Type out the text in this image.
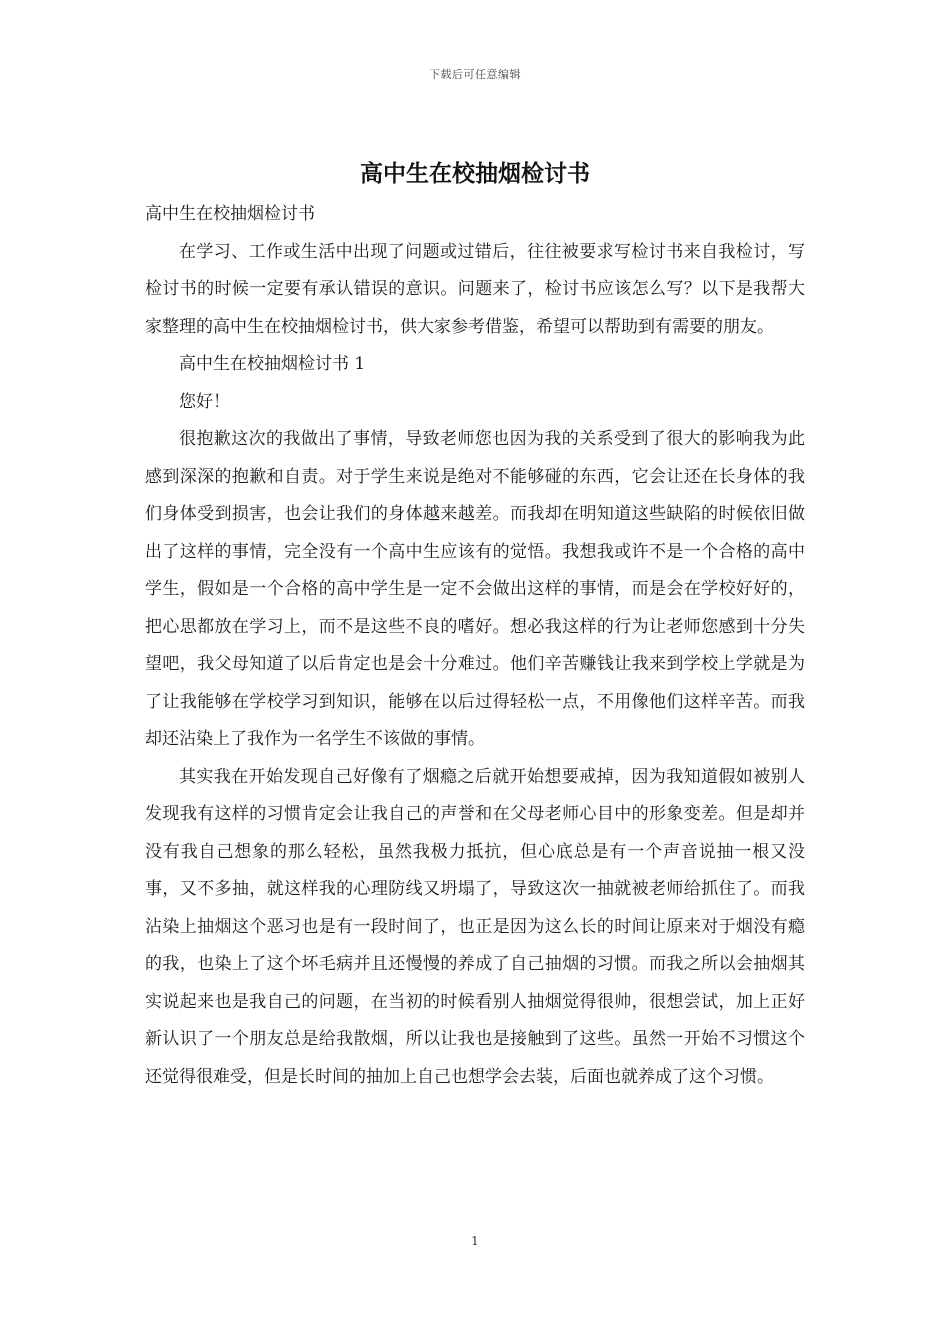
下载后可任意编辑
高中生在校抽烟检讨书

高中生在校抽烟检讨书

在学习、工作或生活中出现了问题或过错后，往往被要求写检讨书来自我检讨，写检讨书的时候一定要有承认错误的意识。问题来了，检讨书应该怎么写？以下是我帮大家整理的高中生在校抽烟检讨书，供大家参考借鉴，希望可以帮助到有需要的朋友。

高中生在校抽烟检讨书 1

您好！

很抱歉这次的我做出了事情，导致老师您也因为我的关系受到了很大的影响我为此感到深深的抱歉和自责。对于学生来说是绝对不能够碰的东西，它会让还在长身体的我们身体受到损害，也会让我们的身体越来越差。而我却在明知道这些缺陷的时候依旧做出了这样的事情，完全没有一个高中生应该有的觉悟。我想我或许不是一个合格的高中学生，假如是一个合格的高中学生是一定不会做出这样的事情，而是会在学校好好的，把心思都放在学习上，而不是这些不良的嗜好。想必我这样的行为让老师您感到十分失望吧，我父母知道了以后肯定也是会十分难过。他们辛苦赚钱让我来到学校上学就是为了让我能够在学校学习到知识，能够在以后过得轻松一点，不用像他们这样辛苦。而我却还沾染上了我作为一名学生不该做的事情。

其实我在开始发现自己好像有了烟瘾之后就开始想要戒掉，因为我知道假如被别人发现我有这样的习惯肯定会让我自己的声誉和在父母老师心目中的形象变差。但是却并没有我自己想象的那么轻松，虽然我极力抵抗，但心底总是有一个声音说抽一根又没事，又不多抽，就这样我的心理防线又坍塌了，导致这次一抽就被老师给抓住了。而我沾染上抽烟这个恶习也是有一段时间了，也正是因为这么长的时间让原来对于烟没有瘾的我，也染上了这个坏毛病并且还慢慢的养成了自己抽烟的习惯。而我之所以会抽烟其实说起来也是我自己的问题，在当初的时候看别人抽烟觉得很帅，很想尝试，加上正好新认识了一个朋友总是给我散烟，所以让我也是接触到了这些。虽然一开始不习惯这个还觉得很难受，但是长时间的抽加上自己也想学会去装，后面也就养成了这个习惯。

1
